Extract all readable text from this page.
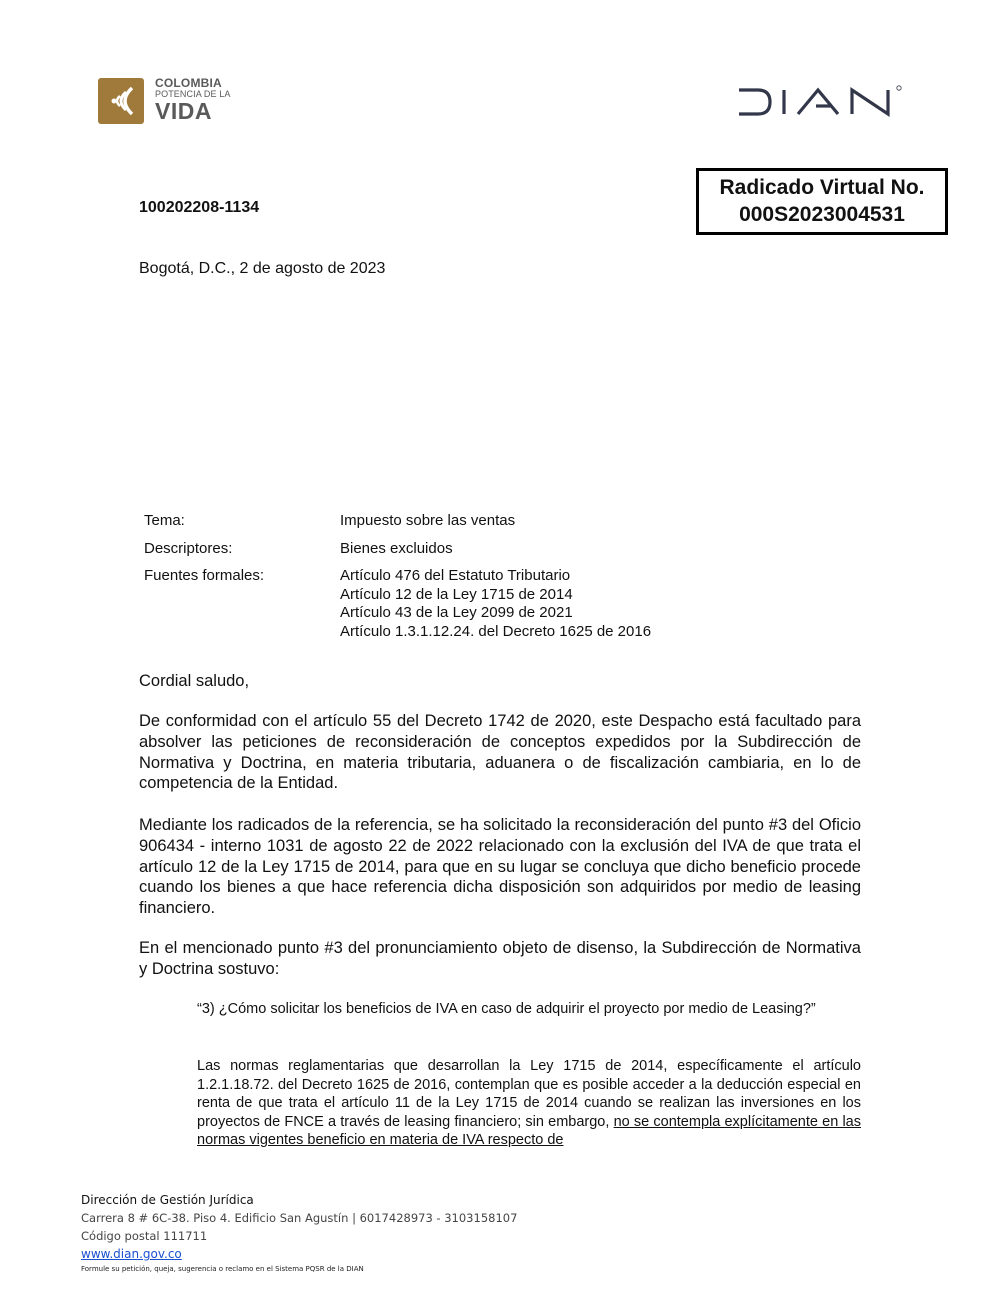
COLOMBIA
POTENCIA DE LA
VIDA
100202208-1134
Radicado Virtual No.
000S2023004531
Bogotá, D.C., 2 de agosto de 2023
Tema:	Impuesto sobre las ventas
Descriptores:	Bienes excluidos
Fuentes formales:	Artículo 476 del Estatuto Tributario
Artículo 12 de la Ley 1715 de 2014
Artículo 43 de la Ley 2099 de 2021
Artículo 1.3.1.12.24. del Decreto 1625 de 2016
Cordial saludo,
De conformidad con el artículo 55 del Decreto 1742 de 2020, este Despacho está facultado para absolver las peticiones de reconsideración de conceptos expedidos por la Subdirección de Normativa y Doctrina, en materia tributaria, aduanera o de fiscalización cambiaria, en lo de competencia de la Entidad.
Mediante los radicados de la referencia, se ha solicitado la reconsideración del punto #3 del Oficio 906434 - interno 1031 de agosto 22 de 2022 relacionado con la exclusión del IVA de que trata el artículo 12 de la Ley 1715 de 2014, para que en su lugar se concluya que dicho beneficio procede cuando los bienes a que hace referencia dicha disposición son adquiridos por medio de leasing financiero.
En el mencionado punto #3 del pronunciamiento objeto de disenso, la Subdirección de Normativa y Doctrina sostuvo:
“3) ¿Cómo solicitar los beneficios de IVA en caso de adquirir el proyecto por medio de Leasing?”
Las normas reglamentarias que desarrollan la Ley 1715 de 2014, específicamente el artículo 1.2.1.18.72. del Decreto 1625 de 2016, contemplan que es posible acceder a la deducción especial en renta de que trata el artículo 11 de la Ley 1715 de 2014 cuando se realizan las inversiones en los proyectos de FNCE a través de leasing financiero; sin embargo, no se contempla explícitamente en las normas vigentes beneficio en materia de IVA respecto de
Dirección de Gestión Jurídica
Carrera 8 # 6C-38. Piso 4. Edificio San Agustín | 6017428973 - 3103158107
Código postal 111711
www.dian.gov.co
Formule su petición, queja, sugerencia o reclamo en el Sistema PQSR de la DIAN
